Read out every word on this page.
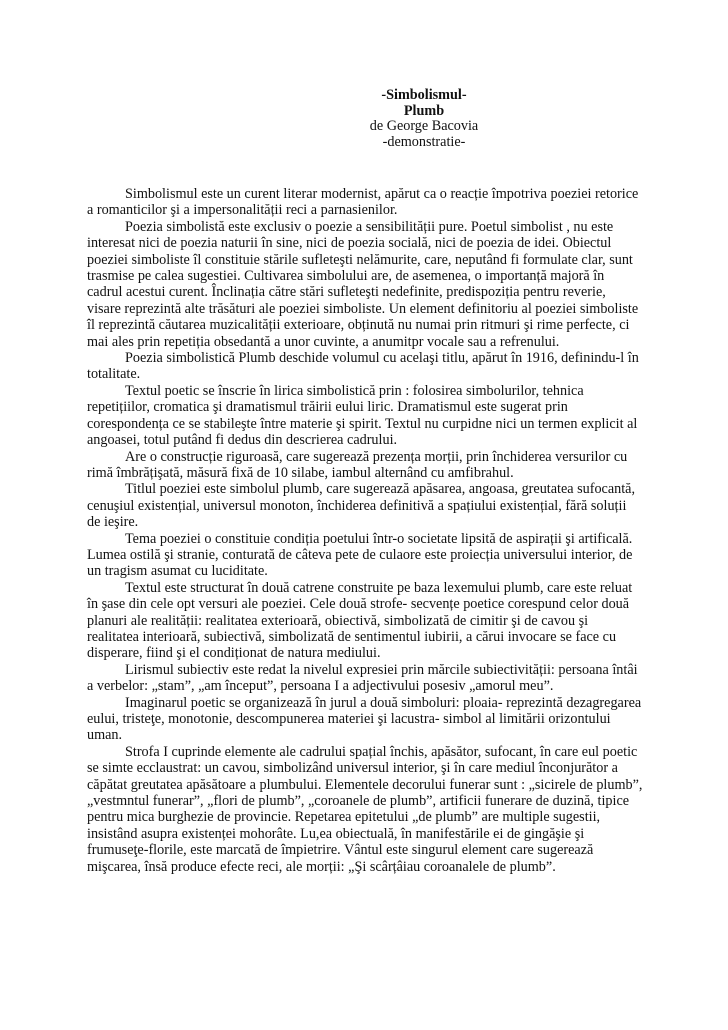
-Simbolismul-
Plumb
de George Bacovia
-demonstratie-

Simbolismul este un curent literar modernist, apărut ca o reacție împotriva poeziei retorice a romanticilor şi a impersonalității reci a parnasienilor.

Poezia simbolistă este exclusiv o poezie a sensibilității pure. Poetul simbolist , nu este interesat nici de poezia naturii în sine, nici de poezia socială, nici de poezia de idei. Obiectul poeziei simboliste îl constituie stările sufleteşti nelămurite, care, neputând fi formulate clar, sunt trasmise pe calea sugestiei. Cultivarea simbolului are, de asemenea, o importanță majoră în cadrul acestui curent. Înclinația către stări sufleteşti nedefinite, predispoziția pentru reverie, visare reprezintă alte trăsături ale poeziei simboliste. Un element definitoriu al poeziei simboliste îl reprezintă căutarea muzicalității exterioare, obținută nu numai prin ritmuri şi rime perfecte, ci mai ales prin repetiția obsedantă a unor cuvinte, a anumitpr vocale sau a refrenului.

Poezia simbolistică Plumb deschide volumul cu acelaşi titlu, apărut în 1916, definindu-l în totalitate.

Textul poetic se înscrie în lirica simbolistică prin : folosirea simbolurilor, tehnica repetițiilor, cromatica şi dramatismul trăirii eului liric. Dramatismul este sugerat prin corespondența ce se stabileşte între materie şi spirit. Textul nu curpidne nici un termen explicit al angoasei, totul putând fi dedus din descrierea cadrului.

Are o construcție riguroasă, care sugerează prezența morții, prin închiderea versurilor cu rimă îmbrățişată, măsură fixă de 10 silabe, iambul alternând cu amfibrahul.

Titlul poeziei este simbolul plumb, care sugerează apăsarea, angoasa, greutatea sufocantă, cenuşiul existențial, universul monoton, închiderea definitivă a spațiului existențial, fără soluții de ieşire.

Tema poeziei o constituie condiția poetului într-o societate lipsită de aspirații şi artificală. Lumea ostilă şi stranie, conturată de câteva pete de culaore este proiecția universului interior, de un tragism asumat cu luciditate.

Textul este structurat în două catrene construite pe baza lexemului plumb, care este reluat în şase din cele opt versuri ale poeziei. Cele două strofe- secvențe poetice corespund celor două planuri ale realității: realitatea exterioară, obiectivă, simbolizată de cimitir şi de cavou şi realitatea interioară, subiectivă, simbolizată de sentimentul iubirii, a cărui invocare se face cu disperare, fiind şi el condiționat de natura mediului.

Lirismul subiectiv este redat la nivelul expresiei prin mărcile subiectivității: persoana întâi a verbelor: „stam”, „am început”, persoana I a adjectivului posesiv „amorul meu”.

Imaginarul poetic se organizează în jurul a două simboluri: ploaia- reprezintă dezagregarea eului, tristeţe, monotonie, descompunerea materiei şi lacustra- simbol al limitării orizontului uman.

Strofa I cuprinde elemente ale cadrului spațial închis, apăsător, sufocant, în care eul poetic se simte ecclaustrat: un cavou, simbolizând universul interior, şi în care mediul înconjurător a căpătat greutatea apăsătoare a plumbului. Elementele decorului funerar sunt : „sicirele de plumb”, „vestmntul funerar”, „flori de plumb”, „coroanele de plumb”, artificii funerare de duzină, tipice pentru mica burghezie de provincie. Repetarea epitetului „de plumb” are multiple sugestii, insistând asupra existenței mohorâte. Lu,ea obiectuală, în manifestările ei de gingăşie şi frumuseţe-florile, este marcată de împietrire. Vântul este singurul element care sugerează mişcarea, însă produce efecte reci, ale morții: „Şi scârțâiau coroanalele de plumb”.
